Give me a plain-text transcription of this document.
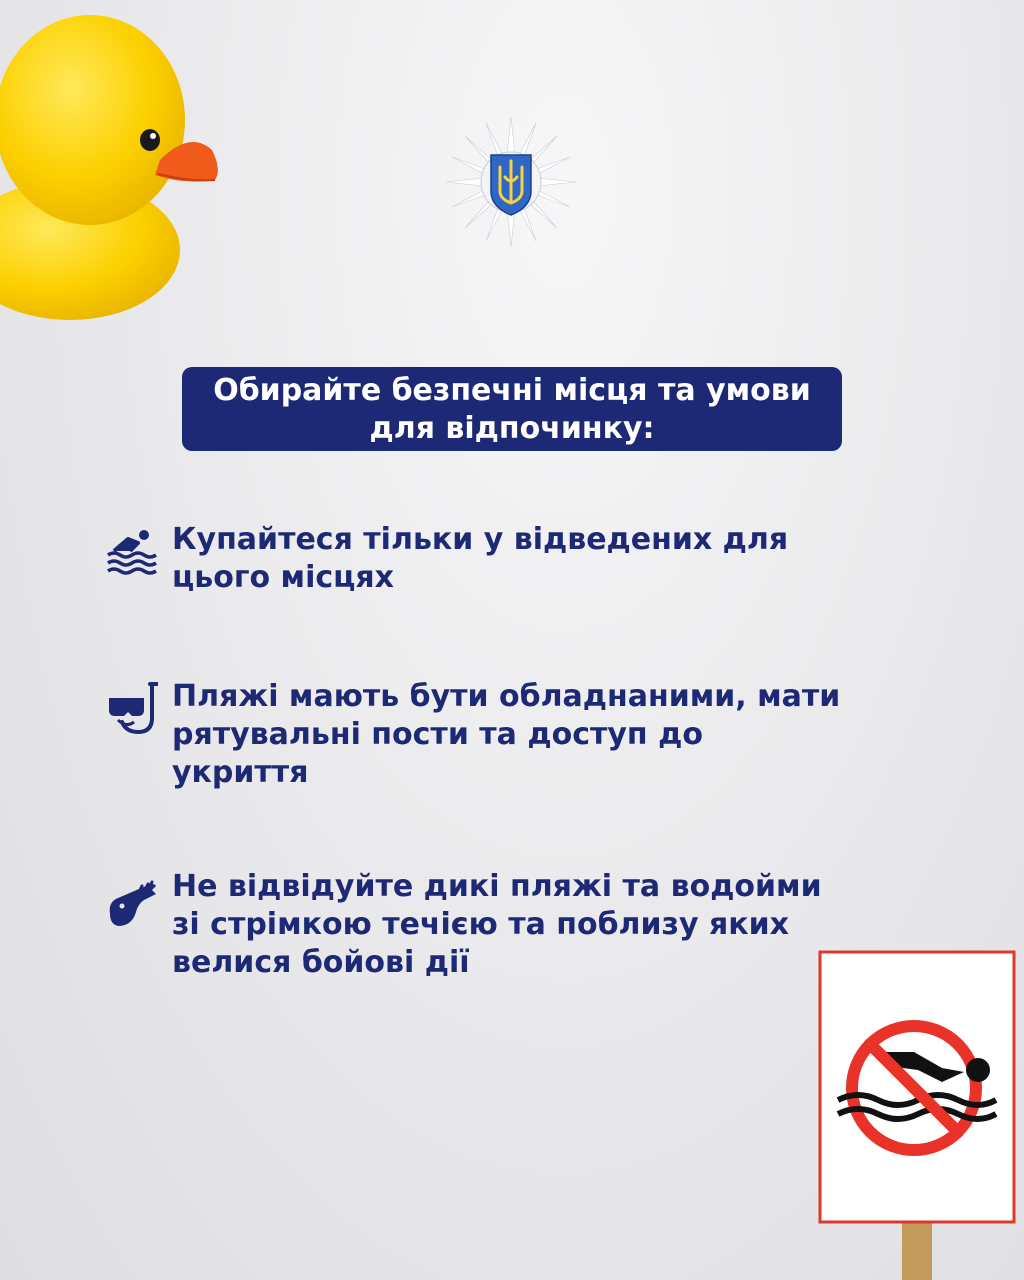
Обирайте безпечні місця та умови
для відпочинку:
Купайтеся тільки у відведених для
цього місцях
Пляжі мають бути обладнаними, мати
рятувальні пости та доступ до
укриття
Не відвідуйте дикі пляжі та водойми
зі стрімкою течією та поблизу яких
велися бойові дії
